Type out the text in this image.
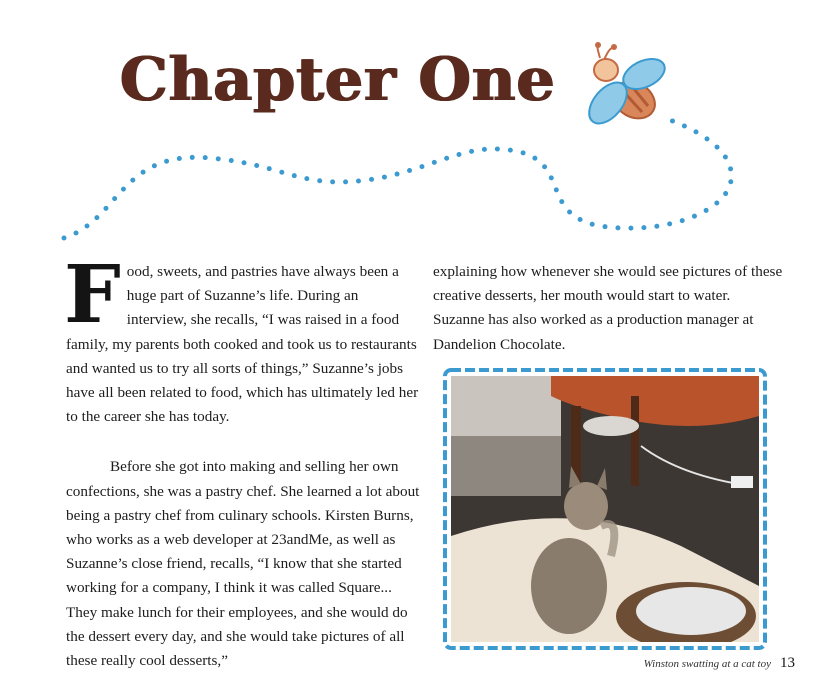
Chapter One

Food, sweets, and pastries have always been a huge part of Suzanne’s life. During an interview, she recalls, “I was raised in a food family, my parents both cooked and took us to restaurants and wanted us to try all sorts of things,” Suzanne’s jobs have all been related to food, which has ultimately led her to the career she has today.

Before she got into making and selling her own confections, she was a pastry chef. She learned a lot about being a pastry chef from culinary schools. Kirsten Burns, who works as a web developer at 23andMe, as well as Suzanne’s close friend, recalls, “I know that she started working for a company, I think it was called Square... They make lunch for their employees, and she would do the dessert every day, and she would take pictures of all these really cool desserts,”

explaining how whenever she would see pictures of these creative desserts, her mouth would start to water. Suzanne has also worked as a production manager at Dandelion Chocolate.

Winston swatting at a cat toy 13
